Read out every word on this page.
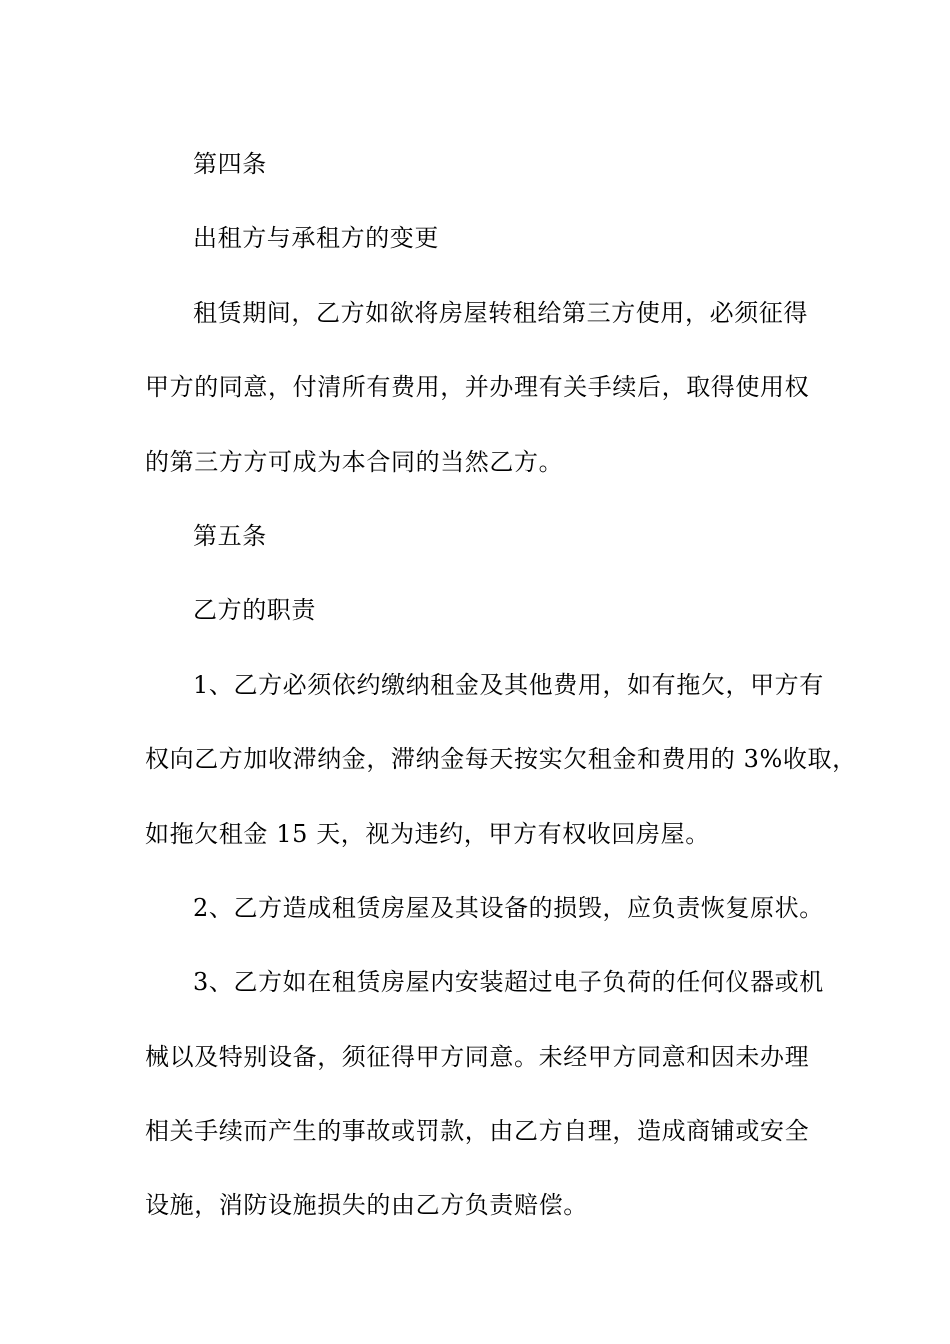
第四条
出租方与承租方的变更
租赁期间，乙方如欲将房屋转租给第三方使用，必须征得
甲方的同意，付清所有费用，并办理有关手续后，取得使用权
的第三方方可成为本合同的当然乙方。
第五条
乙方的职责
1、乙方必须依约缴纳租金及其他费用，如有拖欠，甲方有
权向乙方加收滞纳金，滞纳金每天按实欠租金和费用的 3%收取，
如拖欠租金 15 天，视为违约，甲方有权收回房屋。
2、乙方造成租赁房屋及其设备的损毁，应负责恢复原状。
3、乙方如在租赁房屋内安装超过电子负荷的任何仪器或机
械以及特别设备，须征得甲方同意。未经甲方同意和因未办理
相关手续而产生的事故或罚款，由乙方自理，造成商铺或安全
设施，消防设施损失的由乙方负责赔偿。
